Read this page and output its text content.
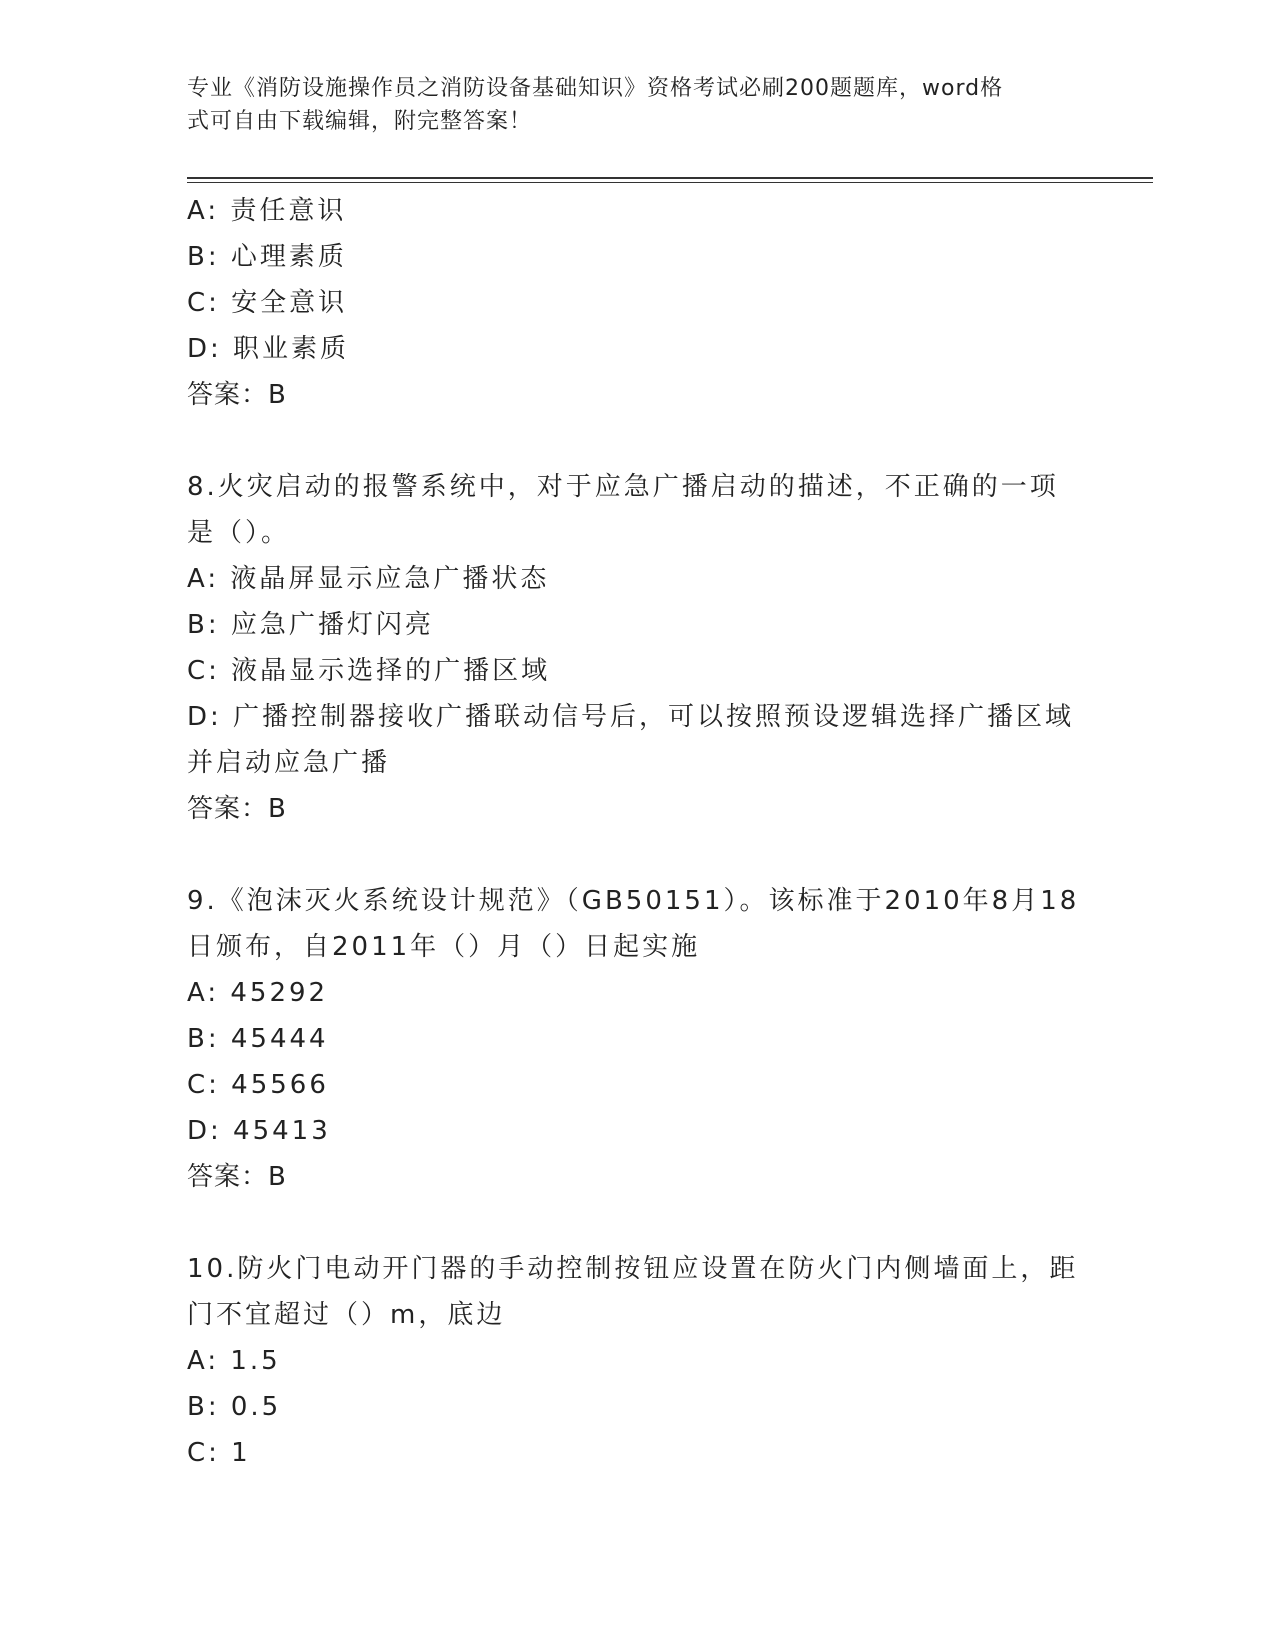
专业《消防设施操作员之消防设备基础知识》资格考试必刷200题题库，word格
式可自由下载编辑，附完整答案！

A: 责任意识

B: 心理素质

C: 安全意识

D: 职业素质

答案：B

8.火灾启动的报警系统中，对于应急广播启动的描述，不正确的一项

是（）。

A: 液晶屏显示应急广播状态

B: 应急广播灯闪亮

C: 液晶显示选择的广播区域

D: 广播控制器接收广播联动信号后，可以按照预设逻辑选择广播区域

并启动应急广播

答案：B

9.《泡沫灭火系统设计规范》（GB50151）。该标准于2010年8月18

日颁布，自2011年（）月（）日起实施

A: 45292

B: 45444

C: 45566

D: 45413

答案：B

10.防火门电动开门器的手动控制按钮应设置在防火门内侧墙面上，距

门不宜超过（）m，底边

A: 1.5

B: 0.5

C: 1
